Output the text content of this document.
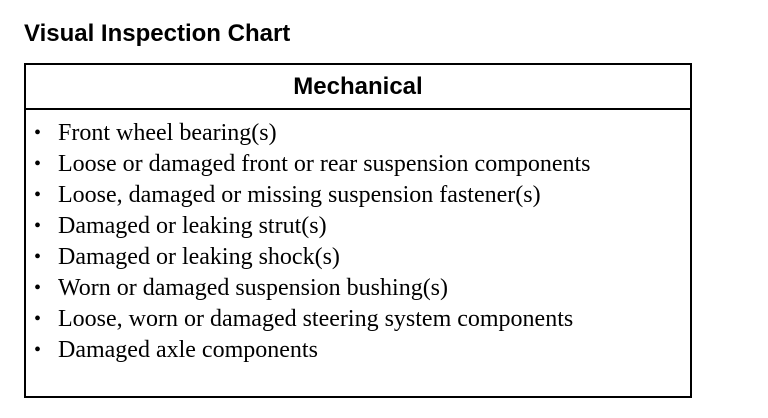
Visual Inspection Chart
Mechanical
• Front wheel bearing(s)
• Loose or damaged front or rear suspension components
• Loose, damaged or missing suspension fastener(s)
• Damaged or leaking strut(s)
• Damaged or leaking shock(s)
• Worn or damaged suspension bushing(s)
• Loose, worn or damaged steering system components
• Damaged axle components
